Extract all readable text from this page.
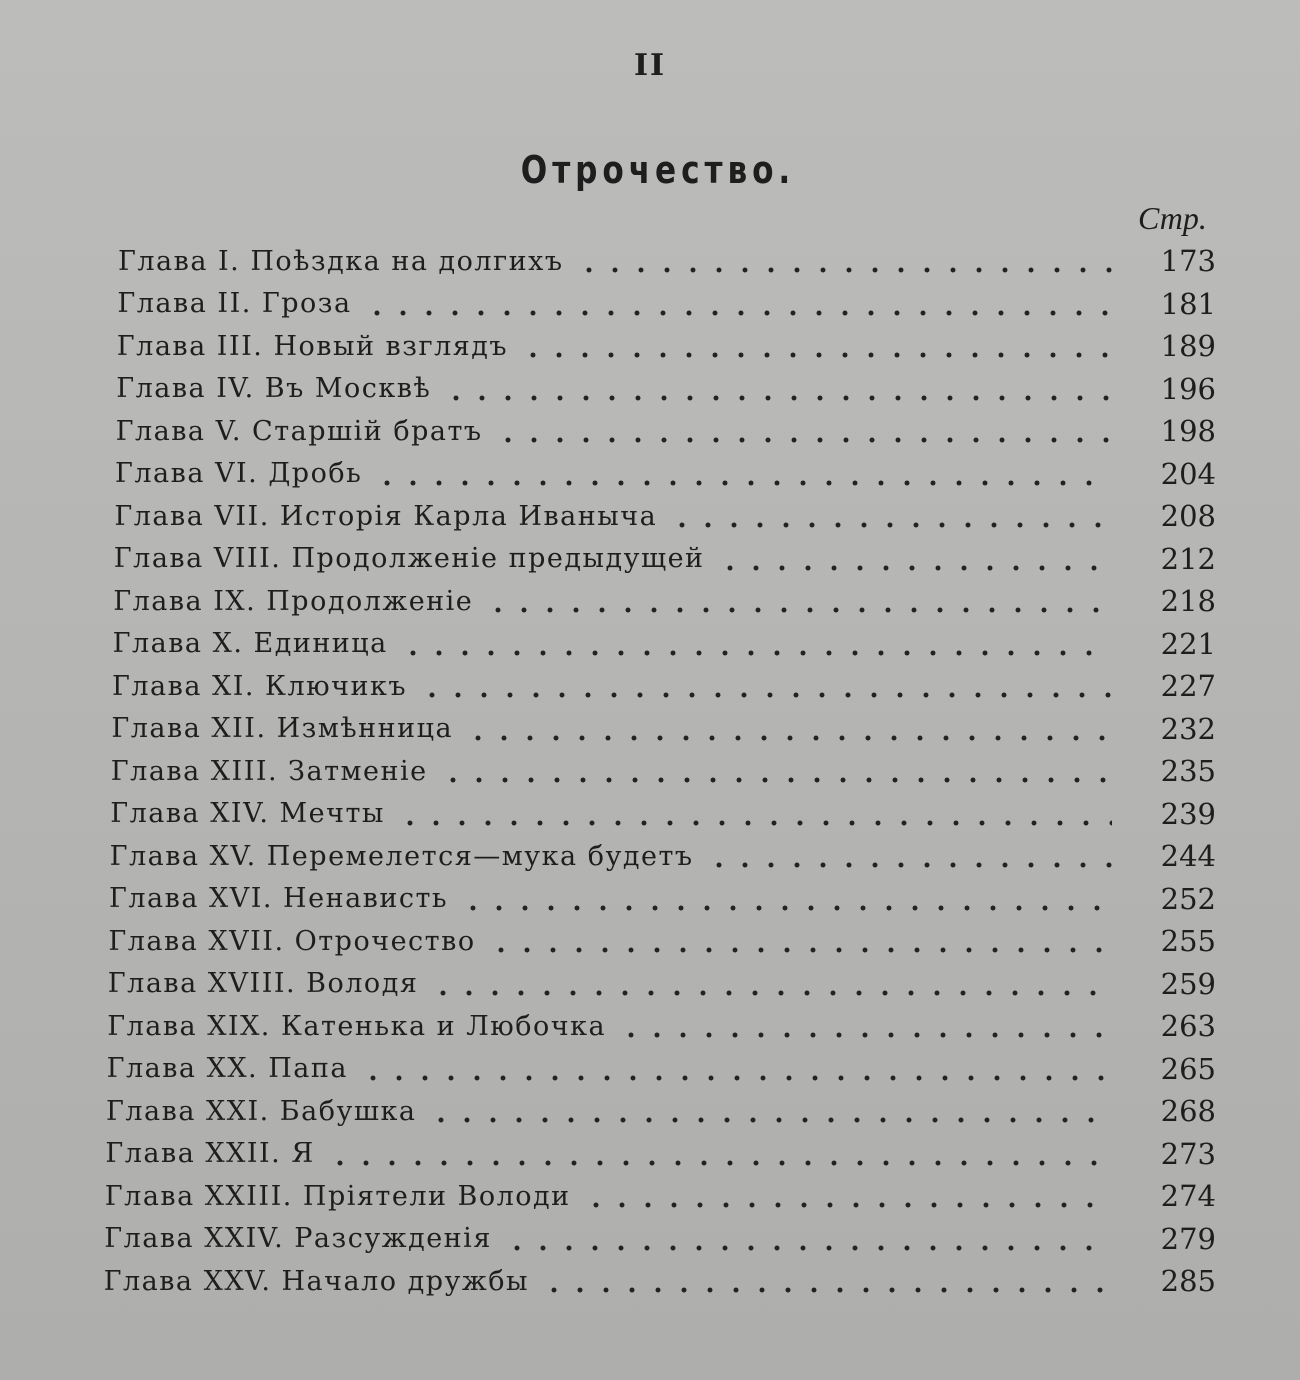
II
Отрочество.
Стр.
Глава I. Поѣздка на долгихъ	173
Глава II. Гроза	181
Глава III. Новый взглядъ	189
Глава IV. Въ Москвѣ	196
Глава V. Старшій братъ	198
Глава VI. Дробь	204
Глава VII. Исторія Карла Иваныча	208
Глава VIII. Продолженіе предыдущей	212
Глава IX. Продолженіе	218
Глава X. Единица	221
Глава XI. Ключикъ	227
Глава XII. Измѣнница	232
Глава XIII. Затменіе	235
Глава XIV. Мечты	239
Глава XV. Перемелется—мука будетъ	244
Глава XVI. Ненависть	252
Глава XVII. Отрочество	255
Глава XVIII. Володя	259
Глава XIX. Катенька и Любочка	263
Глава XX. Папа	265
Глава XXI. Бабушка	268
Глава XXII. Я	273
Глава XXIII. Пріятели Володи	274
Глава XXIV. Разсужденія	279
Глава XXV. Начало дружбы	285
